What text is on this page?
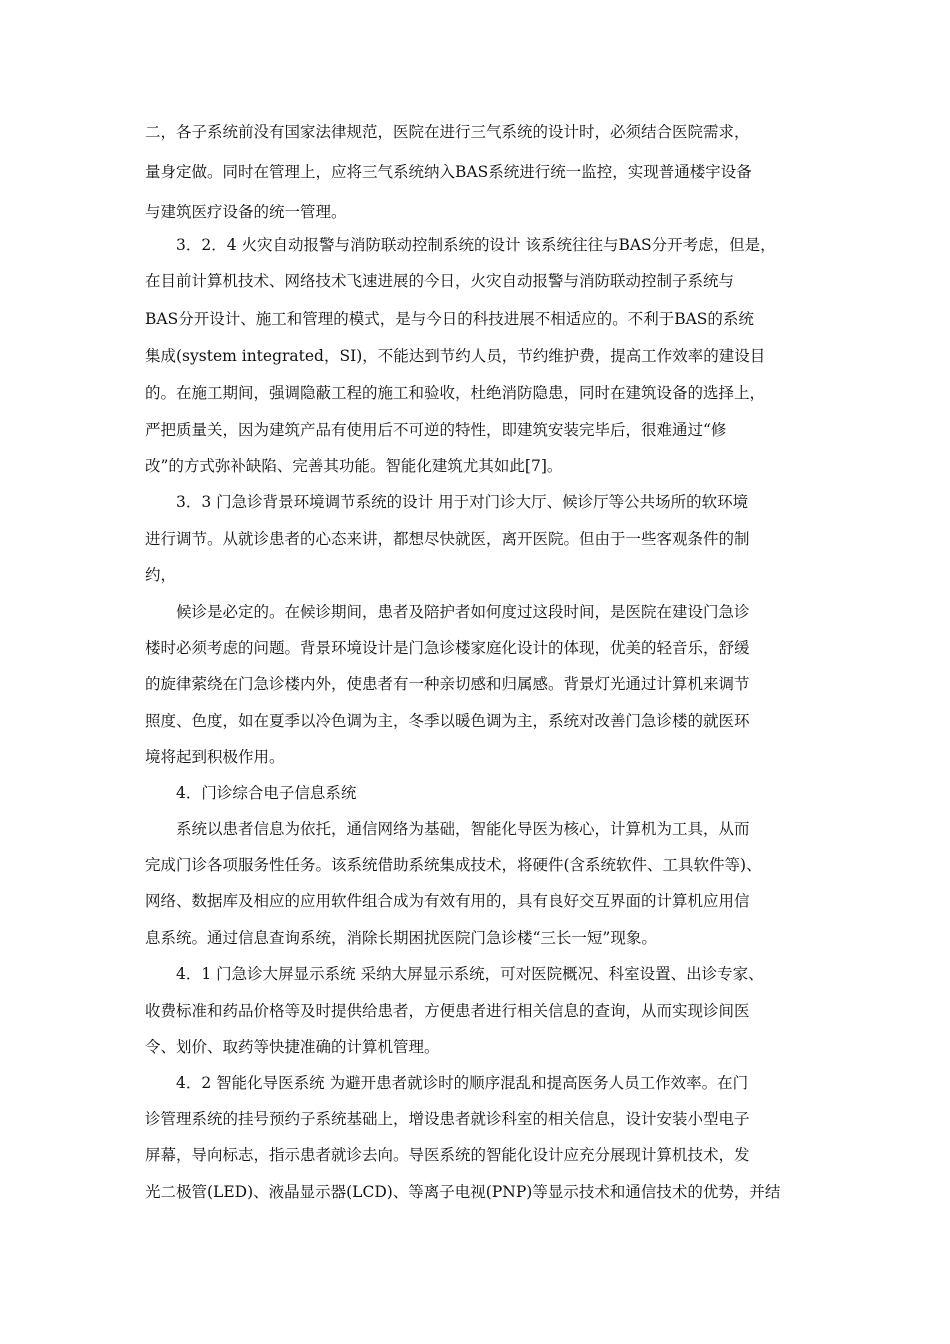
二，各子系统前没有国家法律规范，医院在进行三气系统的设计时，必须结合医院需求，
量身定做。同时在管理上，应将三气系统纳入BAS系统进行统一监控，实现普通楼宇设备
与建筑医疗设备的统一管理。
3．2．4 火灾自动报警与消防联动控制系统的设计 该系统往往与BAS分开考虑，但是，
在目前计算机技术、网络技术飞速进展的今日，火灾自动报警与消防联动控制子系统与
BAS分开设计、施工和管理的模式，是与今日的科技进展不相适应的。不利于BAS的系统
集成(system integrated，SI)，不能达到节约人员，节约维护费，提高工作效率的建设目
的。在施工期间，强调隐蔽工程的施工和验收，杜绝消防隐患，同时在建筑设备的选择上，
严把质量关，因为建筑产品有使用后不可逆的特性，即建筑安装完毕后，很难通过“修
改”的方式弥补缺陷、完善其功能。智能化建筑尤其如此[7]。
3．3 门急诊背景环境调节系统的设计 用于对门诊大厅、候诊厅等公共场所的软环境
进行调节。从就诊患者的心态来讲，都想尽快就医，离开医院。但由于一些客观条件的制
约，
候诊是必定的。在候诊期间，患者及陪护者如何度过这段时间，是医院在建设门急诊
楼时必须考虑的问题。背景环境设计是门急诊楼家庭化设计的体现，优美的轻音乐，舒缓
的旋律萦绕在门急诊楼内外，使患者有一种亲切感和归属感。背景灯光通过计算机来调节
照度、色度，如在夏季以冷色调为主，冬季以暖色调为主，系统对改善门急诊楼的就医环
境将起到积极作用。
4．门诊综合电子信息系统
系统以患者信息为依托，通信网络为基础，智能化导医为核心，计算机为工具，从而
完成门诊各项服务性任务。该系统借助系统集成技术，将硬件(含系统软件、工具软件等)、
网络、数据库及相应的应用软件组合成为有效有用的，具有良好交互界面的计算机应用信
息系统。通过信息查询系统，消除长期困扰医院门急诊楼“三长一短”现象。
4．1 门急诊大屏显示系统 采纳大屏显示系统，可对医院概况、科室设置、出诊专家、
收费标准和药品价格等及时提供给患者，方便患者进行相关信息的查询，从而实现诊间医
令、划价、取药等快捷准确的计算机管理。
4．2 智能化导医系统 为避开患者就诊时的顺序混乱和提高医务人员工作效率。在门
诊管理系统的挂号预约子系统基础上，增设患者就诊科室的相关信息，设计安装小型电子
屏幕，导向标志，指示患者就诊去向。导医系统的智能化设计应充分展现计算机技术，发
光二极管(LED)、液晶显示器(LCD)、等离子电视(PNP)等显示技术和通信技术的优势，并结
